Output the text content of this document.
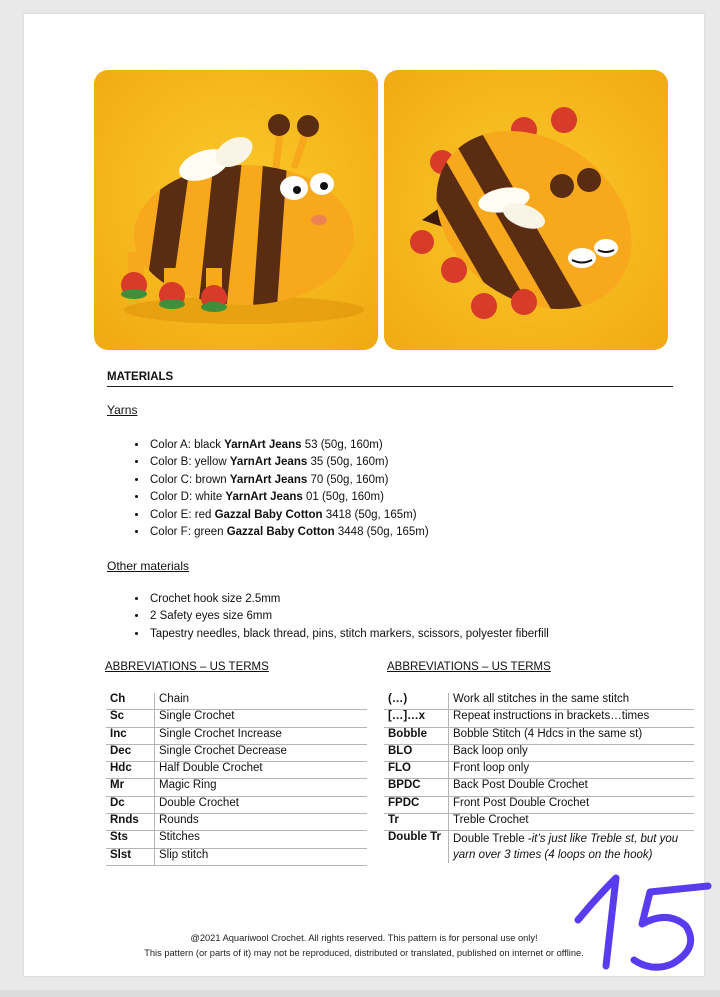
MATERIALS
Yarns
• Color A: black YarnArt Jeans 53 (50g, 160m)
• Color B: yellow YarnArt Jeans 35 (50g, 160m)
• Color C: brown YarnArt Jeans 70 (50g, 160m)
• Color D: white YarnArt Jeans 01 (50g, 160m)
• Color E: red Gazzal Baby Cotton 3418 (50g, 165m)
• Color F: green Gazzal Baby Cotton 3448 (50g, 165m)
Other materials
• Crochet hook size 2.5mm
• 2 Safety eyes size 6mm
• Tapestry needles, black thread, pins, stitch markers, scissors, polyester fiberfill
ABBREVIATIONS – US TERMS	ABBREVIATIONS – US TERMS
Ch	Chain
Sc	Single Crochet
Inc	Single Crochet Increase
Dec	Single Crochet Decrease
Hdc	Half Double Crochet
Mr	Magic Ring
Dc	Double Crochet
Rnds	Rounds
Sts	Stitches
Slst	Slip stitch
(…)	Work all stitches in the same stitch
[…]…x	Repeat instructions in brackets…times
Bobble	Bobble Stitch (4 Hdcs in the same st)
BLO	Back loop only
FLO	Front loop only
BPDC	Back Post Double Crochet
FPDC	Front Post Double Crochet
Tr	Treble Crochet
Double Tr	Double Treble -it’s just like Treble st, but you yarn over 3 times (4 loops on the hook)
@2021 Aquariwool Crochet. All rights reserved. This pattern is for personal use only!
This pattern (or parts of it) may not be reproduced, distributed or translated, published on internet or offline.
